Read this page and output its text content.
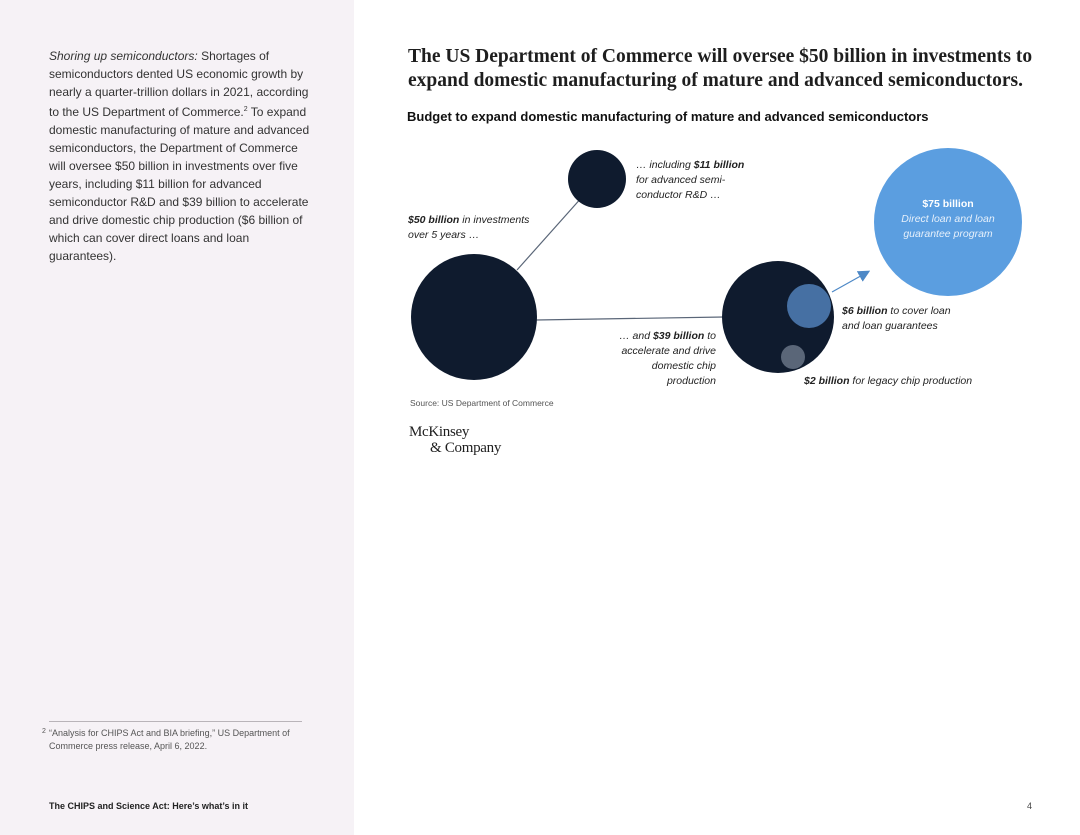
Shoring up semiconductors: Shortages of semiconductors dented US economic growth by nearly a quarter-trillion dollars in 2021, according to the US Department of Commerce.$^2$ To expand domestic manufacturing of mature and advanced semiconductors, the Department of Commerce will oversee $50 billion in investments over five years, including $11 billion for advanced semiconductor R&D and $39 billion to accelerate and drive domestic chip production ($6 billion of which can cover direct loans and loan guarantees).
2 “Analysis for CHIPS Act and BIA briefing,” US Department of Commerce press release, April 6, 2022.
The CHIPS and Science Act: Here’s what’s in it	4
The US Department of Commerce will oversee $50 billion in investments to expand domestic manufacturing of mature and advanced semiconductors.
Budget to expand domestic manufacturing of mature and advanced semiconductors
$75 billion
Direct loan and loan
guarantee program
$50 billion in investments over 5 years …
… including $11 billion for advanced semi-conductor R&D …
… and $39 billion to accelerate and drive domestic chip production
$6 billion to cover loan and loan guarantees
$2 billion for legacy chip production
Source: US Department of Commerce
McKinsey
& Company
